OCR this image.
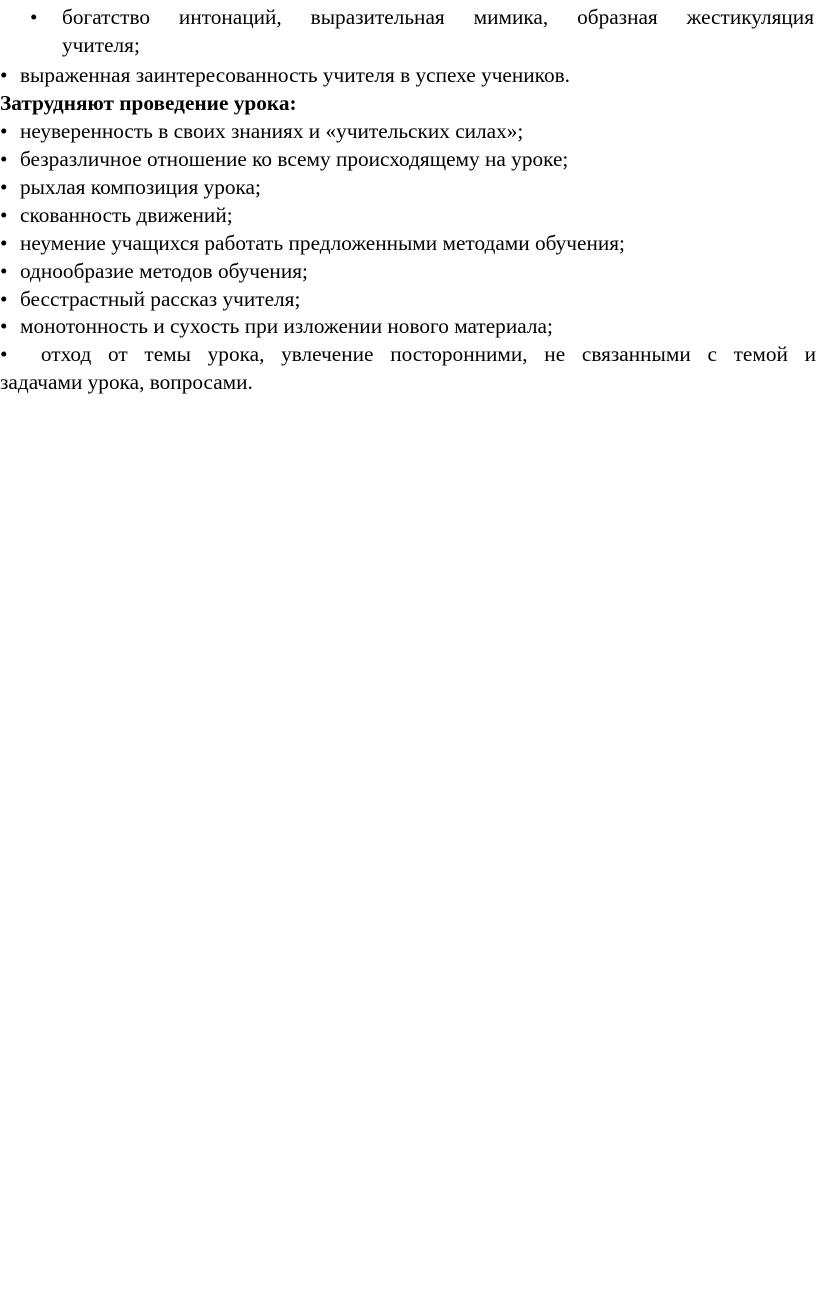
• богатство интонаций, выразительная мимика, образная жестикуляция
учителя;
• выраженная заинтересованность учителя в успехе учеников.
Затрудняют проведение урока:
• неуверенность в своих знаниях и «учительских силах»;
• безразличное отношение ко всему происходящему на уроке;
• рыхлая композиция урока;
• скованность движений;
• неумение учащихся работать предложенными методами обучения;
• однообразие методов обучения;
• бесстрастный рассказ учителя;
• монотонность и сухость при изложении нового материала;
• отход от темы урока, увлечение посторонними, не связанными с темой и
задачами урока, вопросами.
